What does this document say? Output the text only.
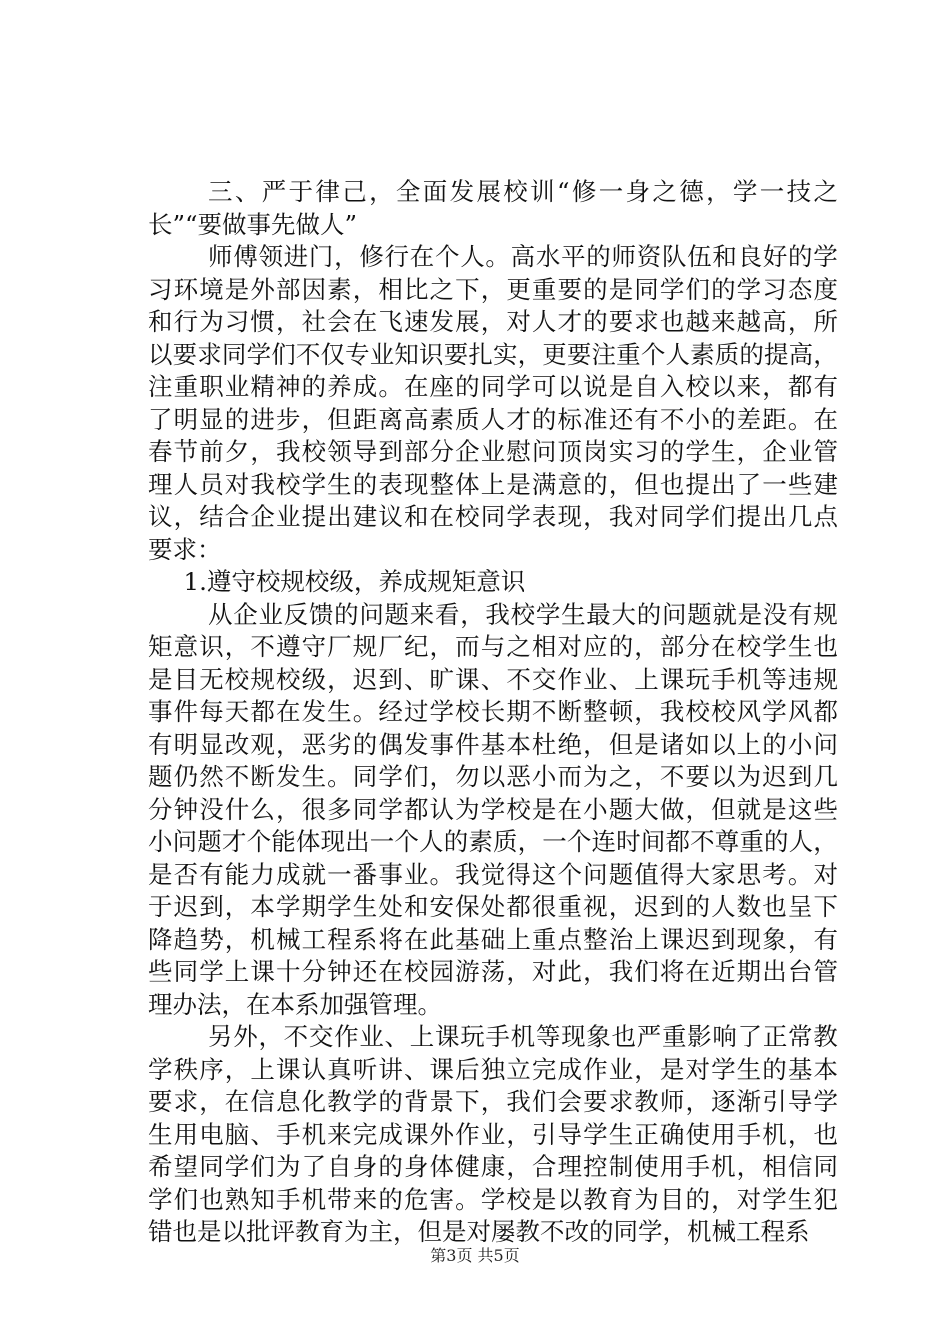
三 、 严 于 律 己 ， 全 面 发 展 校 训 “ 修 一 身 之 德 ， 学 一 技 之
长”“要做事先做人”
师 傅 领 进 门 ， 修 行 在 个 人 。 高 水 平 的 师 资 队 伍 和 良 好 的 学
习 环 境 是 外 部 因 素 ， 相 比 之 下 ， 更 重 要 的 是 同 学 们 的 学 习 态 度
和 行 为 习 惯 ， 社 会 在 飞 速 发 展 ， 对 人 才 的 要 求 也 越 来 越 高 ， 所
以 要 求 同 学 们 不 仅 专 业 知 识 要 扎 实 ， 更 要 注 重 个 人 素 质 的 提 高 ，
注 重 职 业 精 神 的 养 成 。 在 座 的 同 学 可 以 说 是 自 入 校 以 来 ， 都 有
了 明 显 的 进 步 ， 但 距 离 高 素 质 人 才 的 标 准 还 有 不 小 的 差 距 。 在
春 节 前 夕 ， 我 校 领 导 到 部 分 企 业 慰 问 顶 岗 实 习 的 学 生 ， 企 业 管
理 人 员 对 我 校 学 生 的 表 现 整 体 上 是 满 意 的 ， 但 也 提 出 了 一 些 建
议 ， 结 合 企 业 提 出 建 议 和 在 校 同 学 表 现 ， 我 对 同 学 们 提 出 几 点
要求：
1.遵守校规校级，养成规矩意识
从 企 业 反 馈 的 问 题 来 看 ， 我 校 学 生 最 大 的 问 题 就 是 没 有 规
矩 意 识 ， 不 遵 守 厂 规 厂 纪 ， 而 与 之 相 对 应 的 ， 部 分 在 校 学 生 也
是 目 无 校 规 校 级 ， 迟 到 、 旷 课 、 不 交 作 业 、 上 课 玩 手 机 等 违 规
事 件 每 天 都 在 发 生 。 经 过 学 校 长 期 不 断 整 顿 ， 我 校 校 风 学 风 都
有 明 显 改 观 ， 恶 劣 的 偶 发 事 件 基 本 杜 绝 ， 但 是 诸 如 以 上 的 小 问
题 仍 然 不 断 发 生 。 同 学 们 ， 勿 以 恶 小 而 为 之 ， 不 要 以 为 迟 到 几
分 钟 没 什 么 ， 很 多 同 学 都 认 为 学 校 是 在 小 题 大 做 ， 但 就 是 这 些
小 问 题 才 个 能 体 现 出 一 个 人 的 素 质 ， 一 个 连 时 间 都 不 尊 重 的 人 ，
是 否 有 能 力 成 就 一 番 事 业 。 我 觉 得 这 个 问 题 值 得 大 家 思 考 。 对
于 迟 到 ， 本 学 期 学 生 处 和 安 保 处 都 很 重 视 ， 迟 到 的 人 数 也 呈 下
降 趋 势 ， 机 械 工 程 系 将 在 此 基 础 上 重 点 整 治 上 课 迟 到 现 象 ， 有
些 同 学 上 课 十 分 钟 还 在 校 园 游 荡 ， 对 此 ， 我 们 将 在 近 期 出 台 管
理办法，在本系加强管理。
另 外 ， 不 交 作 业 、 上 课 玩 手 机 等 现 象 也 严 重 影 响 了 正 常 教
学 秩 序 ， 上 课 认 真 听 讲 、 课 后 独 立 完 成 作 业 ， 是 对 学 生 的 基 本
要 求 ， 在 信 息 化 教 学 的 背 景 下 ， 我 们 会 要 求 教 师 ， 逐 渐 引 导 学
生 用 电 脑 、 手 机 来 完 成 课 外 作 业 ， 引 导 学 生 正 确 使 用 手 机 ， 也
希 望 同 学 们 为 了 自 身 的 身 体 健 康 ， 合 理 控 制 使 用 手 机 ， 相 信 同
学 们 也 熟 知 手 机 带 来 的 危 害 。 学 校 是 以 教 育 为 目 的 ， 对 学 生 犯
错也是以批评教育为主，但是对屡教不改的同学，机械工程系
第3页 共5页
